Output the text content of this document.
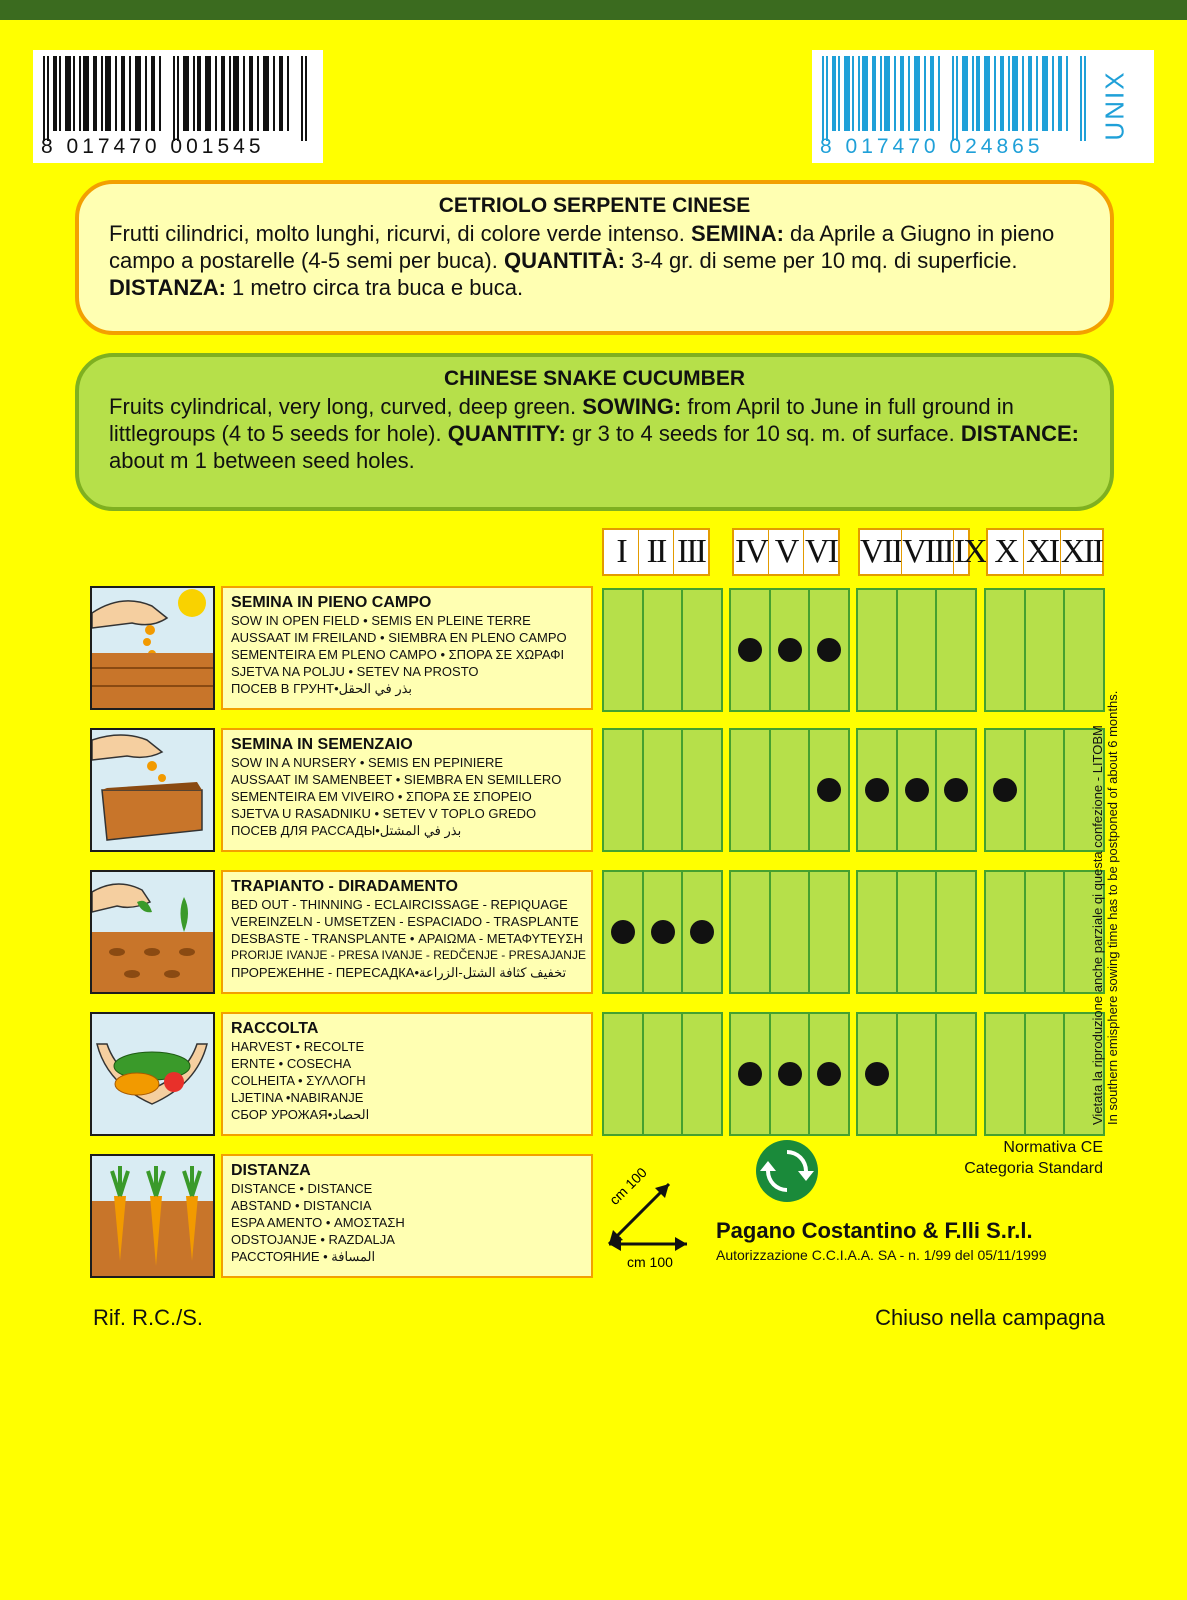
8 017470 001545	8 017470 024865
UNIX
CETRIOLO SERPENTE CINESE
Frutti cilindrici, molto lunghi, ricurvi, di colore verde intenso. SEMINA: da Aprile a Giugno in pieno campo a postarelle (4-5 semi per buca). QUANTITÀ: 3-4 gr. di seme per 10 mq. di superficie. DISTANZA: 1 metro circa tra buca e buca.
CHINESE SNAKE CUCUMBER
Fruits cylindrical, very long, curved, deep green. SOWING: from April to June in full ground in littlegroups (4 to 5 seeds for hole). QUANTITY: gr 3 to 4 seeds for 10 sq. m. of surface. DISTANCE: about m 1 between seed holes.
I II III IV V VI VII VIII IX X XI XII
SEMINA IN PIENO CAMPO
SOW IN OPEN FIELD • SEMIS EN PLEINE TERRE
AUSSAAT IM FREILAND • SIEMBRA EN PLENO CAMPO
SEMENTEIRA EM PLENO CAMPO • ΣΠΟΡΑ ΣΕ ΧΩΡΑΦΙ
SJETVA NA POLJU • SETEV NA PROSTO
ПОСЕВ В ГРУНТ•بذر في الحقل
SEMINA IN SEMENZAIO
SOW IN A NURSERY • SEMIS EN PEPINIERE
AUSSAAT IM SAMENBEET • SIEMBRA EN SEMILLERO
SEMENTEIRA EM VIVEIRO • ΣΠΟΡΑ ΣΕ ΣΠΟΡΕΙΟ
SJETVA U RASADNIKU • SETEV V TOPLO GREDO
ПОСЕВ ДЛЯ РАССАДЫ•بذر في المشتل
TRAPIANTO - DIRADAMENTO
BED OUT - THINNING - ECLAIRCISSAGE - REPIQUAGE
VEREINZELN - UMSETZEN - ESPACIADO - TRASPLANTE
DESBASTE - TRANSPLANTE • ΑΡΑΙΩΜΑ - ΜΕΤΑΦΥΤΕΥΣΗ
PRORIJE IVANJE - PRESA IVANJE - REDČENJE - PRESAJANJE
ПРОРЕЖЕННЕ - ПЕРЕСАДКА•تخفيف كثافة الشتل-الزراعة
RACCOLTA
HARVEST • RECOLTE
ERNTE • COSECHA
COLHEITA • ΣΥΛΛΟΓΗ
LJETINA •NABIRANJE
СБОР УРОЖАЯ•الحصاد
DISTANZA
DISTANCE • DISTANCE
ABSTAND • DISTANCIA
ESPA AMENTO • ΑΜΟΣΤΑΣΗ
ODSTOJANJE • RAZDALJA
РАССТОЯНИЕ • المسافة
cm 100
cm 100
Vietata la riproduzione anche parziale qi questa confezione - LITOBM In southern emisphere sowing time has to be postponed of about 6 months.
Normativa CE
Categoria Standard
Pagano Costantino & F.lli S.r.l.
Autorizzazione C.C.I.A.A. SA - n. 1/99 del 05/11/1999
Rif. R.C./S.	Chiuso nella campagna
